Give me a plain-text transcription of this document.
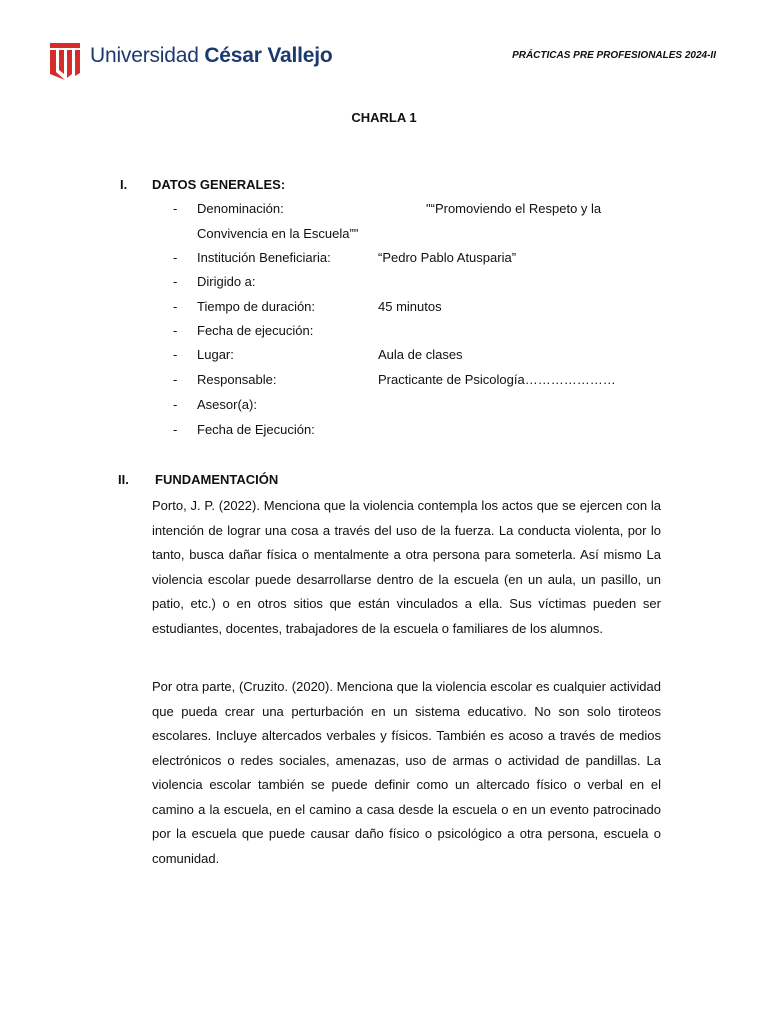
Universidad César Vallejo	PRÁCTICAS PRE PROFESIONALES 2024-II
CHARLA 1
I. DATOS GENERALES:
- Denominación:	"“Promoviendo el Respeto y la
Convivencia en la Escuela”"
- Institución Beneficiaria:	“Pedro Pablo Atusparia”
- Dirigido a:
- Tiempo de duración:	45 minutos
- Fecha de ejecución:
- Lugar:	Aula de clases
- Responsable:	Practicante de Psicología…………………
- Asesor(a):
- Fecha de Ejecución:
II. FUNDAMENTACIÓN

Porto, J. P. (2022). Menciona que la violencia contempla los actos que se ejercen con la intención de lograr una cosa a través del uso de la fuerza. La conducta violenta, por lo tanto, busca dañar física o mentalmente a otra persona para someterla. Así mismo La violencia escolar puede desarrollarse dentro de la escuela (en un aula, un pasillo, un patio, etc.) o en otros sitios que están vinculados a ella. Sus víctimas pueden ser estudiantes, docentes, trabajadores de la escuela o familiares de los alumnos.

Por otra parte, (Cruzito. (2020). Menciona que la violencia escolar es cualquier actividad que pueda crear una perturbación en un sistema educativo. No son solo tiroteos escolares. Incluye altercados verbales y físicos. También es acoso a través de medios electrónicos o redes sociales, amenazas, uso de armas o actividad de pandillas. La violencia escolar también se puede definir como un altercado físico o verbal en el camino a la escuela, en el camino a casa desde la escuela o en un evento patrocinado por la escuela que puede causar daño físico o psicológico a otra persona, escuela o comunidad.
